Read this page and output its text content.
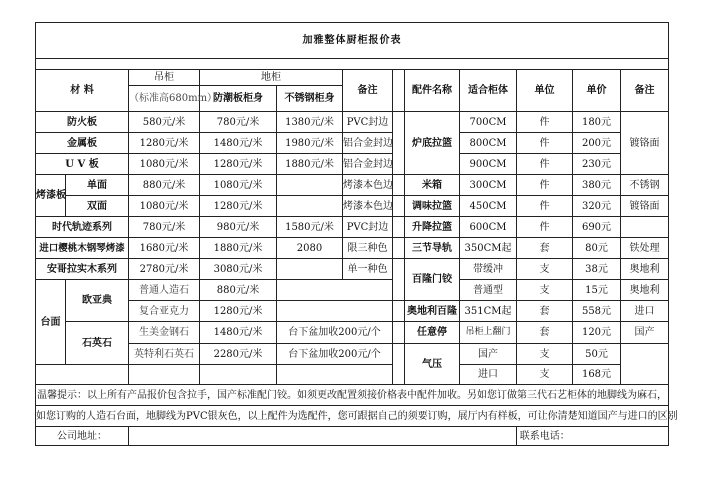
加雅整体厨柜报价表											

材 料		吊柜	地柜		备注		配件名称	适合柜体	单位	单价	备注
		（标准高680mm）	防潮板柜身	不锈钢柜身							
防火板		580元/米	780元/米	1380元/米	PVC封边		炉底拉篮	700CM	件	180元	镀铬面
金属板		1280元/米	1480元/米	1980元/米	铝合金封边			800CM	件	200元	
U V 板		1080元/米	1280元/米	1880元/米	铝合金封边			900CM	件	230元	
烤漆板	单面	880元/米	1080元/米		烤漆本色边		米箱	300CM	件	380元	不锈钢
	双面	1080元/米	1280元/米		烤漆本色边		调味拉篮	450CM	件	320元	镀铬面
时代轨迹系列		780元/米	980元/米	1580元/米	PVC封边		升降拉篮	600CM	件	690元	
进口樱桃木钢琴烤漆		1680元/米	1880元/米	2080	限三种色		三节导轨	350CM起	套	80元	铁处理
安哥拉实木系列		2780元/米	3080元/米		单一种色		百隆门铰	带缓冲	支	38元	奥地利
台面	欧亚典	普通人造石	880元/米					普通型	支	15元	奥地利
		复合亚克力	1280元/米				奥地利百隆	351CM起	套	558元	进口
	石英石	生美金钢石	1480元/米	台下盆加收200元/个			任意停	吊柜上翻门	套	120元	国产
		英特利石英石	2280元/米	台下盆加收200元/个			气压	国产	支	50元	
								进口	支	168元	
温馨提示：以上所有产品报价包含拉手，国产标准配门铰。如须更改配置须接价格表中配件加收。另如您订做第三代石艺柜体的地脚线为麻石，											
如您订购的人造石台面，地脚线为PVC银灰色，以上配件为选配件，您可跟据自己的须要订购，展厅内有样板，可让你清楚知道国产与进口的区别											
公司地址：									联系电话：		
